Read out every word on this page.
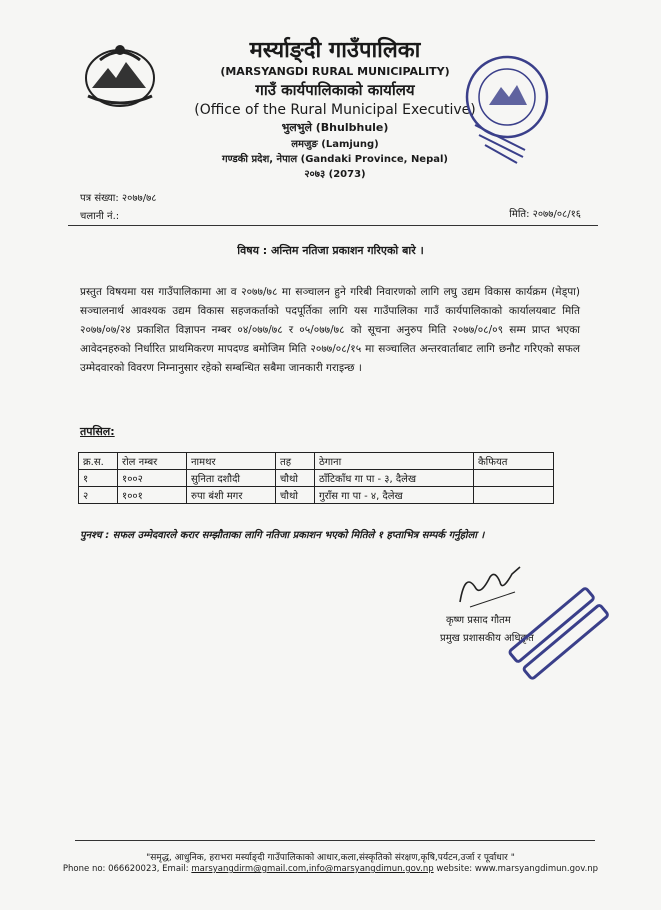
मर्स्याङ्दी गाउँपालिका
(MARSYANGDI RURAL MUNICIPALITY)
गाउँ कार्यपालिकाको कार्यालय
(Office of the Rural Municipal Executive)
भुलभुले (Bhulbhule)
लमजुङ (Lamjung)
गण्डकी प्रदेश, नेपाल (Gandaki Province, Nepal)
२०७३ (2073)
पत्र संख्या: २०७७/७८
चलानी नं.:	मिति: २०७७/०८/१६
विषय : अन्तिम नतिजा प्रकाशन गरिएको बारे ।
प्रस्तुत विषयमा यस गाउँपालिकामा आ व २०७७/७८ मा सञ्चालन हुने गरिबी निवारणको लागि लघु उद्यम विकास कार्यक्रम (मेड्पा) सञ्चालनार्थ आवश्यक उद्यम विकास सहजकर्ताको पदपूर्तिका लागि यस गाउँपालिका गाउँ कार्यपालिकाको कार्यालयबाट मिति २०७७/०७/२४ प्रकाशित विज्ञापन नम्बर ०४/०७७/७८ र ०५/०७७/७८ को सूचना अनुरुप मिति २०७७/०८/०९ सम्म प्राप्त भएका आवेदनहरुको निर्धारित प्राथमिकरण मापदण्ड बमोजिम मिति २०७७/०८/१५ मा सञ्चालित अन्तरवार्ताबाट लागि छनौट गरिएको सफल उम्मेदवारको विवरण निम्नानुसार रहेको सम्बन्धित सबैमा जानकारी गराइन्छ ।
तपसिल:
क्र.स.	रोल नम्बर	नामथर	तह	ठेगाना	कैफियत
१	१००२	सुनिता दशौदी	चौथो	ठाँटिकाँध गा पा - ३, दैलेख	
२	१००१	रुपा बंशी मगर	चौथो	गुराँस गा पा - ४, दैलेख	
पुनश्च : सफल उम्मेदवारले करार सम्झौताका लागि नतिजा प्रकाशन भएको मितिले १ हप्ताभित्र सम्पर्क गर्नुहोला ।
कृष्ण प्रसाद गौतम
प्रमुख प्रशासकीय अधिकृत
"समृद्ध, आधुनिक, हराभरा मर्स्याङ्दी गाउँपालिकाको आधार,कला,संस्कृतिको संरक्षण,कृषि,पर्यटन,उर्जा र पूर्वाधार "
Phone no: 066620023, Email: marsyangdirm@gmail.com,info@marsyangdimun.gov.np website: www.marsyangdimun.gov.np
